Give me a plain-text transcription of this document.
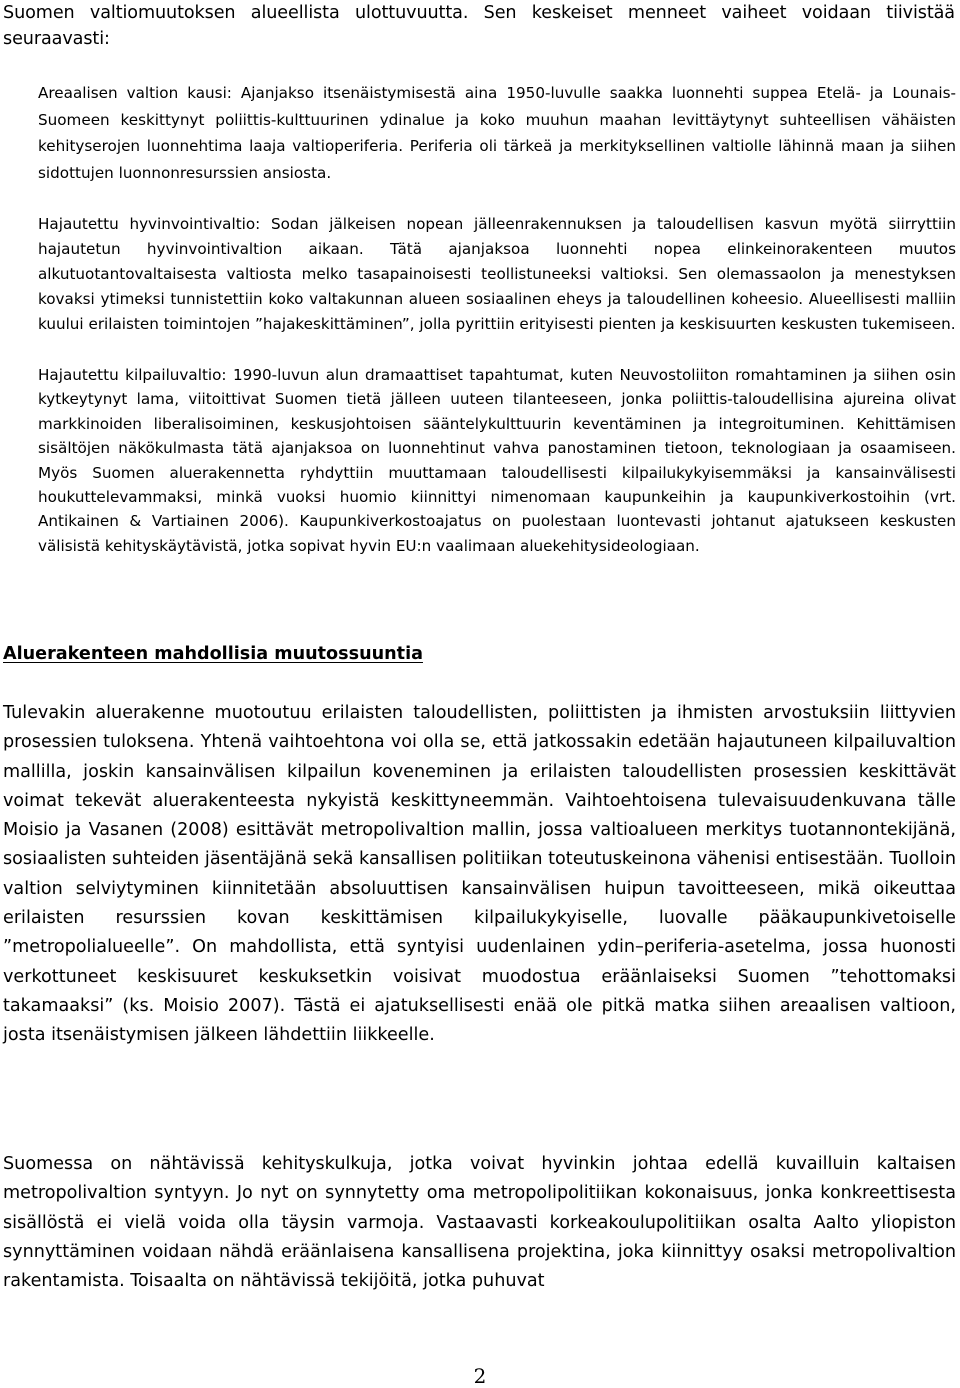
Suomen valtiomuutoksen alueellista ulottuvuutta. Sen keskeiset menneet vaiheet voidaan tiivistää seuraavasti:
Areaalisen valtion kausi: Ajanjakso itsenäistymisestä aina 1950-luvulle saakka luonnehti suppea Etelä- ja Lounais-Suomeen keskittynyt poliittis-kulttuurinen ydinalue ja koko muuhun maahan levittäytynyt suhteellisen vähäisten kehityserojen luonnehtima laaja valtioperiferia. Periferia oli tärkeä ja merkityksellinen valtiolle lähinnä maan ja siihen sidottujen luonnonresurssien ansiosta.
Hajautettu hyvinvointivaltio: Sodan jälkeisen nopean jälleenrakennuksen ja taloudellisen kasvun myötä siirryttiin hajautetun hyvinvointivaltion aikaan. Tätä ajanjaksoa luonnehti nopea elinkeinorakenteen muutos alkutuotantovaltaisesta valtiosta melko tasapainoisesti teollistuneeksi valtioksi. Sen olemassaolon ja menestyksen kovaksi ytimeksi tunnistettiin koko valtakunnan alueen sosiaalinen eheys ja taloudellinen koheesio. Alueellisesti malliin kuului erilaisten toimintojen ”hajakeskittäminen”, jolla pyrittiin erityisesti pienten ja keskisuurten keskusten tukemiseen.
Hajautettu kilpailuvaltio: 1990-luvun alun dramaattiset tapahtumat, kuten Neuvostoliiton romahtaminen ja siihen osin kytkeytynyt lama, viitoittivat Suomen tietä jälleen uuteen tilanteeseen, jonka poliittis-taloudellisina ajureina olivat markkinoiden liberalisoiminen, keskusjohtoisen sääntelykulttuurin keventäminen ja integroituminen. Kehittämisen sisältöjen näkökulmasta tätä ajanjaksoa on luonnehtinut vahva panostaminen tietoon, teknologiaan ja osaamiseen. Myös Suomen aluerakennetta ryhdyttiin muuttamaan taloudellisesti kilpailukykyisemmäksi ja kansainvälisesti houkuttelevammaksi, minkä vuoksi huomio kiinnittyi nimenomaan kaupunkeihin ja kaupunkiverkostoihin (vrt. Antikainen & Vartiainen 2006). Kaupunkiverkostoajatus on puolestaan luontevasti johtanut ajatukseen keskusten välisistä kehityskäytävistä, jotka sopivat hyvin EU:n vaalimaan aluekehitysideologiaan.
Aluerakenteen mahdollisia muutossuuntia

Tulevakin aluerakenne muotoutuu erilaisten taloudellisten, poliittisten ja ihmisten arvostuksiin liittyvien prosessien tuloksena. Yhtenä vaihtoehtona voi olla se, että jatkossakin edetään hajautuneen kilpailuvaltion mallilla, joskin kansainvälisen kilpailun koveneminen ja erilaisten taloudellisten prosessien keskittävät voimat tekevät aluerakenteesta nykyistä keskittyneemmän. Vaihtoehtoisena tulevaisuudenkuvana tälle Moisio ja Vasanen (2008) esittävät metropolivaltion mallin, jossa valtioalueen merkitys tuotannontekijänä, sosiaalisten suhteiden jäsentäjänä sekä kansallisen politiikan toteutuskeinona vähenisi entisestään. Tuolloin valtion selviytyminen kiinnitetään absoluuttisen kansainvälisen huipun tavoitteeseen, mikä oikeuttaa erilaisten resurssien kovan keskittämisen kilpailukykyiselle, luovalle pääkaupunkivetoiselle ”metropolialueelle”. On mahdollista, että syntyisi uudenlainen ydin–periferia-asetelma, jossa huonosti verkottuneet keskisuuret keskuksetkin voisivat muodostua eräänlaiseksi Suomen ”tehottomaksi takamaaksi” (ks. Moisio 2007). Tästä ei ajatuksellisesti enää ole pitkä matka siihen areaalisen valtioon, josta itsenäistymisen jälkeen lähdettiin liikkeelle.

Suomessa on nähtävissä kehityskulkuja, jotka voivat hyvinkin johtaa edellä kuvailluin kaltaisen metropolivaltion syntyyn. Jo nyt on synnytetty oma metropolipolitiikan kokonaisuus, jonka konkreettisesta sisällöstä ei vielä voida olla täysin varmoja. Vastaavasti korkeakoulupolitiikan osalta Aalto yliopiston synnyttäminen voidaan nähdä eräänlaisena kansallisena projektina, joka kiinnittyy osaksi metropolivaltion rakentamista. Toisaalta on nähtävissä tekijöitä, jotka puhuvat

2
